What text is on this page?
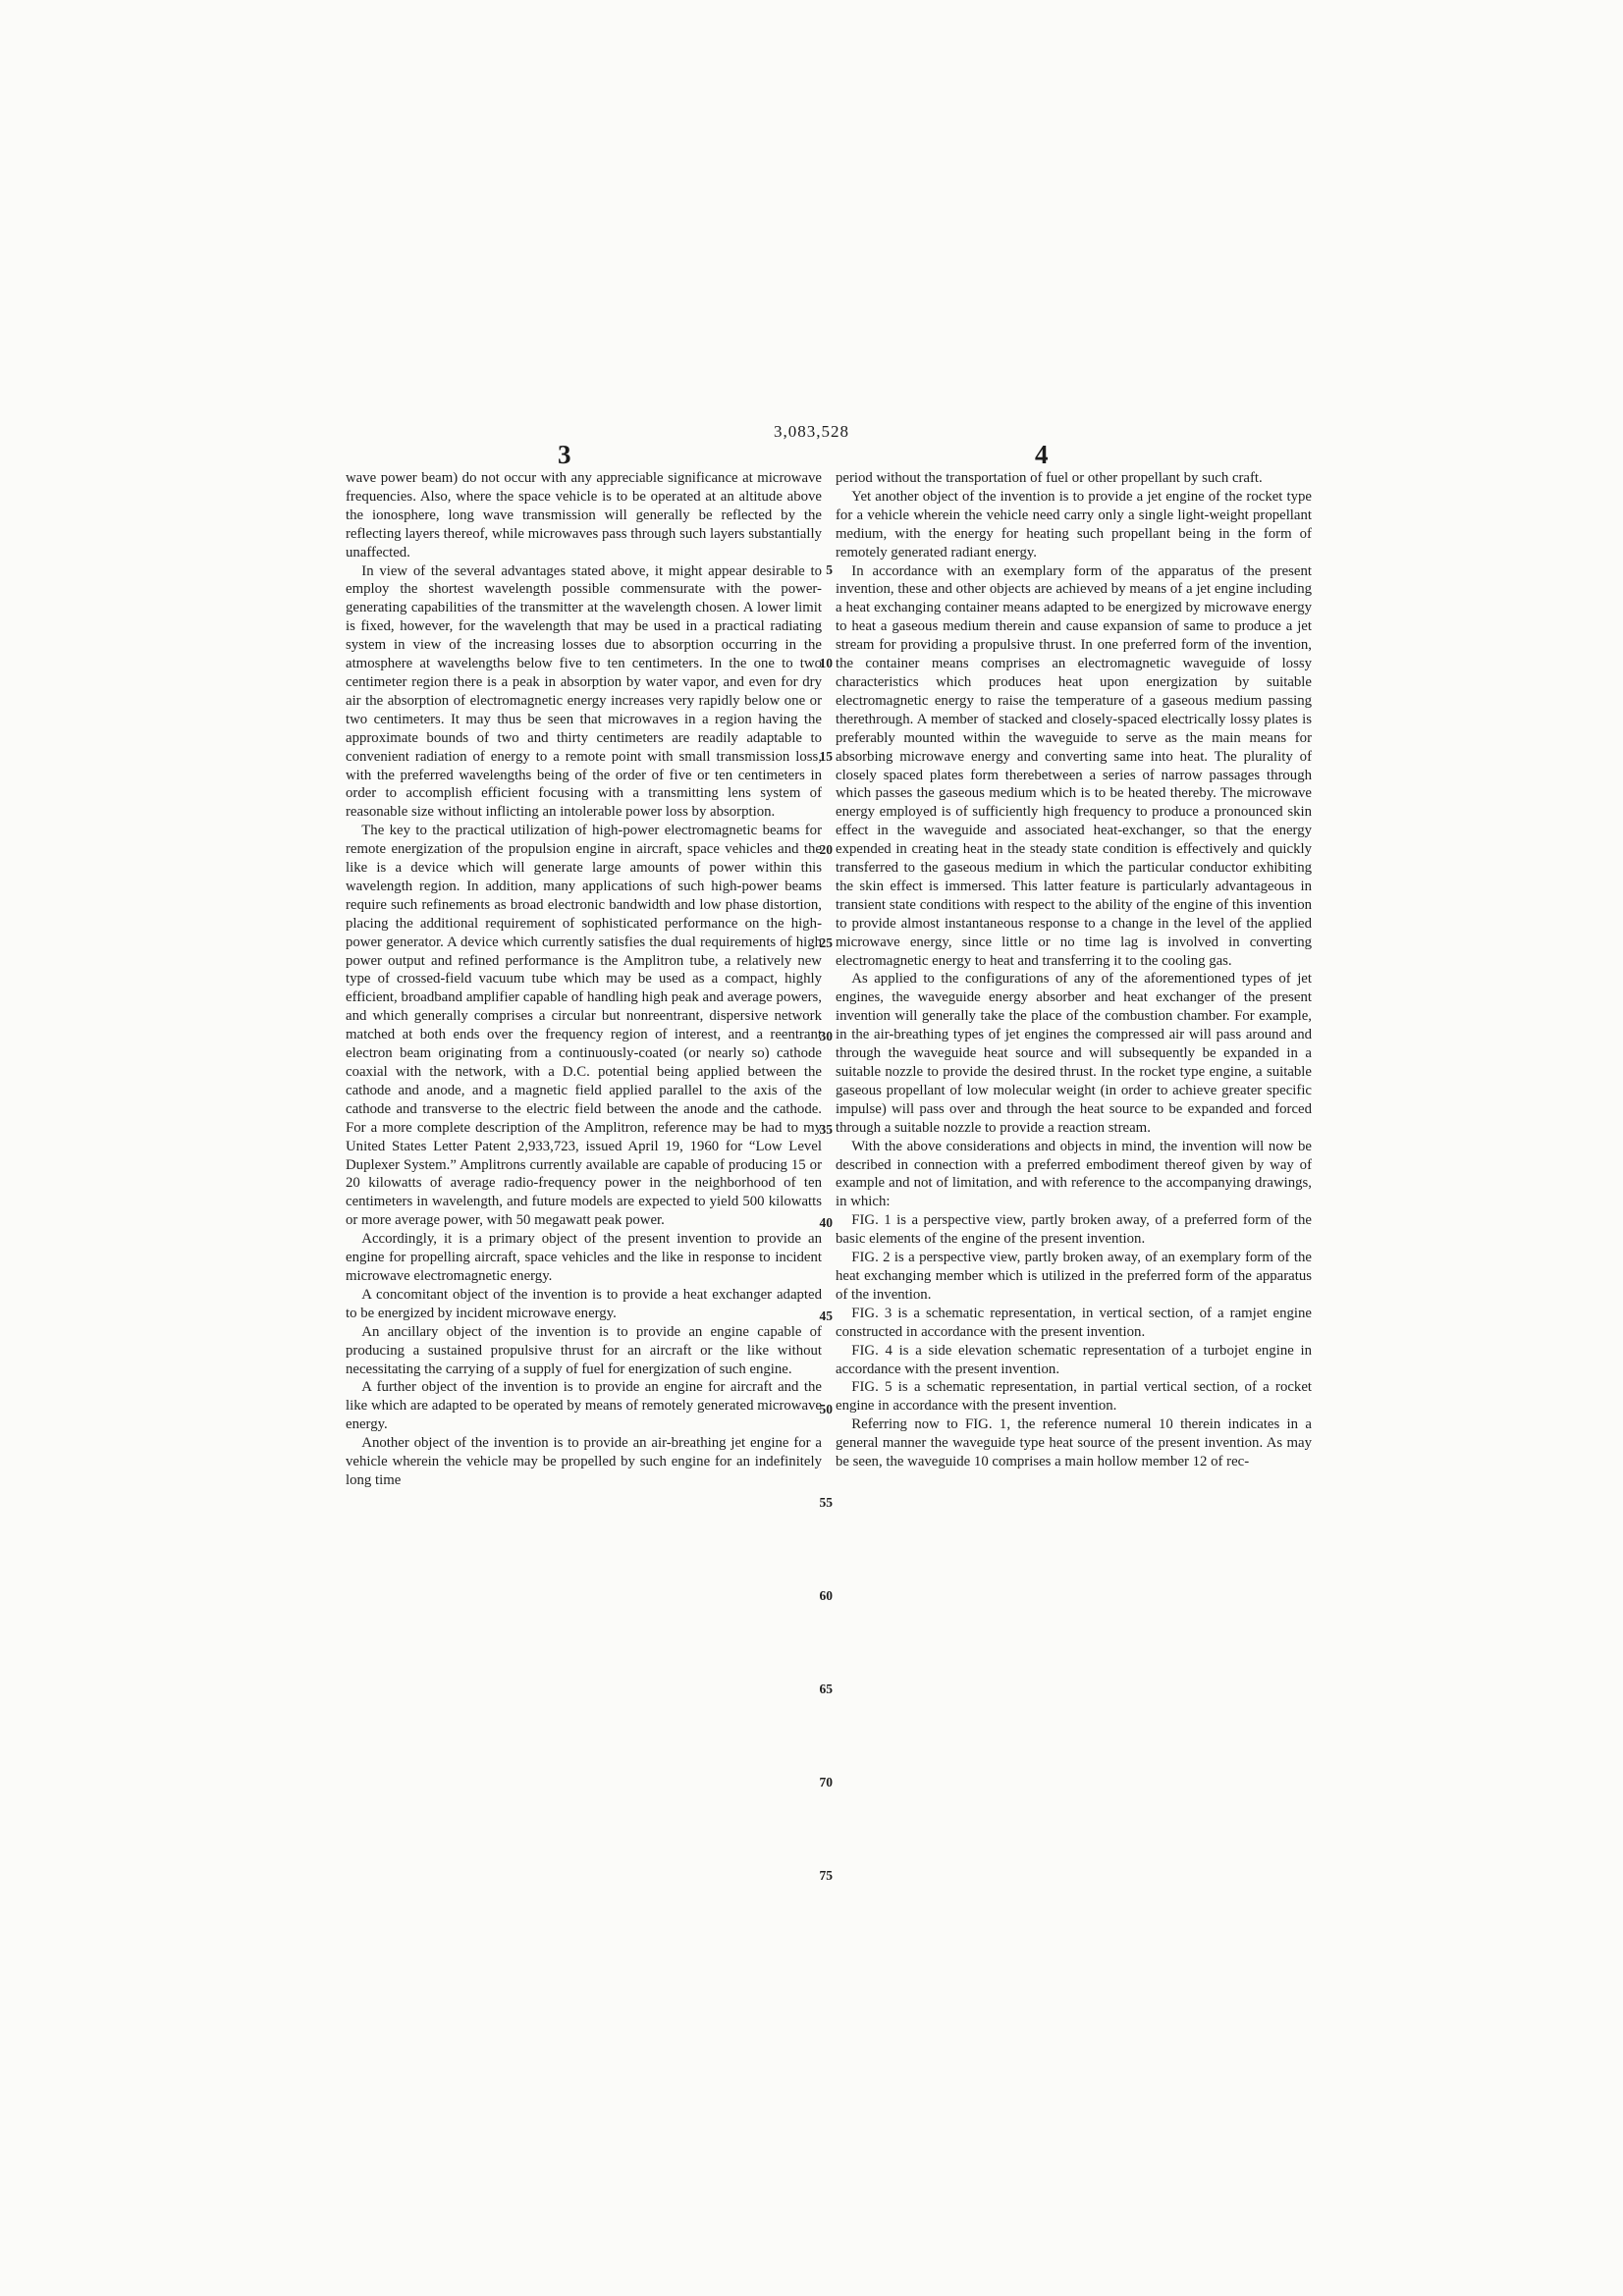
3,083,528
3	4

wave power beam) do not occur with any appreciable significance at microwave frequencies. Also, where the space vehicle is to be operated at an altitude above the ionosphere, long wave transmission will generally be reflected by the reflecting layers thereof, while microwaves pass through such layers substantially unaffected.

In view of the several advantages stated above, it might appear desirable to employ the shortest wavelength possible commensurate with the power-generating capabilities of the transmitter at the wavelength chosen. A lower limit is fixed, however, for the wavelength that may be used in a practical radiating system in view of the increasing losses due to absorption occurring in the atmosphere at wavelengths below five to ten centimeters. In the one to two centimeter region there is a peak in absorption by water vapor, and even for dry air the absorption of electromagnetic energy increases very rapidly below one or two centimeters. It may thus be seen that microwaves in a region having the approximate bounds of two and thirty centimeters are readily adaptable to convenient radiation of energy to a remote point with small transmission loss, with the preferred wavelengths being of the order of five or ten centimeters in order to accomplish efficient focusing with a transmitting lens system of reasonable size without inflicting an intolerable power loss by absorption.

The key to the practical utilization of high-power electromagnetic beams for remote energization of the propulsion engine in aircraft, space vehicles and the like is a device which will generate large amounts of power within this wavelength region. In addition, many applications of such high-power beams require such refinements as broad electronic bandwidth and low phase distortion, placing the additional requirement of sophisticated performance on the high-power generator. A device which currently satisfies the dual requirements of high power output and refined performance is the Amplitron tube, a relatively new type of crossed-field vacuum tube which may be used as a compact, highly efficient, broadband amplifier capable of handling high peak and average powers, and which generally comprises a circular but nonreentrant, dispersive network matched at both ends over the frequency region of interest, and a reentrant electron beam originating from a continuously-coated (or nearly so) cathode coaxial with the network, with a D.C. potential being applied between the cathode and anode, and a magnetic field applied parallel to the axis of the cathode and transverse to the electric field between the anode and the cathode. For a more complete description of the Amplitron, reference may be had to my United States Letter Patent 2,933,723, issued April 19, 1960 for “Low Level Duplexer System.” Amplitrons currently available are capable of producing 15 or 20 kilowatts of average radio-frequency power in the neighborhood of ten centimeters in wavelength, and future models are expected to yield 500 kilowatts or more average power, with 50 megawatt peak power.

Accordingly, it is a primary object of the present invention to provide an engine for propelling aircraft, space vehicles and the like in response to incident microwave electromagnetic energy.

A concomitant object of the invention is to provide a heat exchanger adapted to be energized by incident microwave energy.

An ancillary object of the invention is to provide an engine capable of producing a sustained propulsive thrust for an aircraft or the like without necessitating the carrying of a supply of fuel for energization of such engine.

A further object of the invention is to provide an engine for aircraft and the like which are adapted to be operated by means of remotely generated microwave energy.

Another object of the invention is to provide an air-breathing jet engine for a vehicle wherein the vehicle may be propelled by such engine for an indefinitely long time

5
10
15
20
25
30
35
40
45
50
55
60
65
70
75

period without the transportation of fuel or other propellant by such craft.

Yet another object of the invention is to provide a jet engine of the rocket type for a vehicle wherein the vehicle need carry only a single light-weight propellant medium, with the energy for heating such propellant being in the form of remotely generated radiant energy.

In accordance with an exemplary form of the apparatus of the present invention, these and other objects are achieved by means of a jet engine including a heat exchanging container means adapted to be energized by microwave energy to heat a gaseous medium therein and cause expansion of same to produce a jet stream for providing a propulsive thrust. In one preferred form of the invention, the container means comprises an electromagnetic waveguide of lossy characteristics which produces heat upon energization by suitable electromagnetic energy to raise the temperature of a gaseous medium passing therethrough. A member of stacked and closely-spaced electrically lossy plates is preferably mounted within the waveguide to serve as the main means for absorbing microwave energy and converting same into heat. The plurality of closely spaced plates form therebetween a series of narrow passages through which passes the gaseous medium which is to be heated thereby. The microwave energy employed is of sufficiently high frequency to produce a pronounced skin effect in the waveguide and associated heat-exchanger, so that the energy expended in creating heat in the steady state condition is effectively and quickly transferred to the gaseous medium in which the particular conductor exhibiting the skin effect is immersed. This latter feature is particularly advantageous in transient state conditions with respect to the ability of the engine of this invention to provide almost instantaneous response to a change in the level of the applied microwave energy, since little or no time lag is involved in converting electromagnetic energy to heat and transferring it to the cooling gas.

As applied to the configurations of any of the aforementioned types of jet engines, the waveguide energy absorber and heat exchanger of the present invention will generally take the place of the combustion chamber. For example, in the air-breathing types of jet engines the compressed air will pass around and through the waveguide heat source and will subsequently be expanded in a suitable nozzle to provide the desired thrust. In the rocket type engine, a suitable gaseous propellant of low molecular weight (in order to achieve greater specific impulse) will pass over and through the heat source to be expanded and forced through a suitable nozzle to provide a reaction stream.

With the above considerations and objects in mind, the invention will now be described in connection with a preferred embodiment thereof given by way of example and not of limitation, and with reference to the accompanying drawings, in which:

FIG. 1 is a perspective view, partly broken away, of a preferred form of the basic elements of the engine of the present invention.

FIG. 2 is a perspective view, partly broken away, of an exemplary form of the heat exchanging member which is utilized in the preferred form of the apparatus of the invention.

FIG. 3 is a schematic representation, in vertical section, of a ramjet engine constructed in accordance with the present invention.

FIG. 4 is a side elevation schematic representation of a turbojet engine in accordance with the present invention.

FIG. 5 is a schematic representation, in partial vertical section, of a rocket engine in accordance with the present invention.

Referring now to FIG. 1, the reference numeral 10 therein indicates in a general manner the waveguide type heat source of the present invention. As may be seen, the waveguide 10 comprises a main hollow member 12 of rec-
